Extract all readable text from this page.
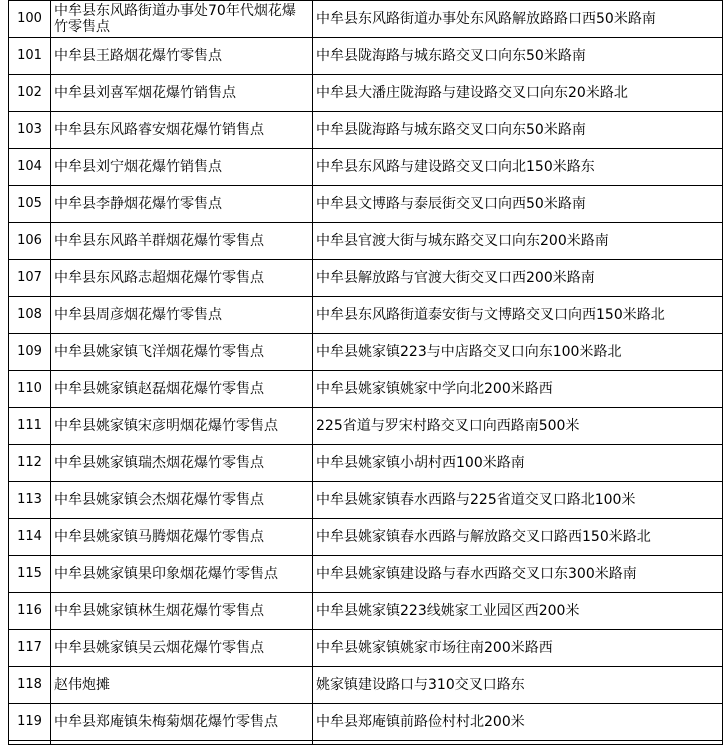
100	中牟县东风路街道办事处70年代烟花爆竹零售点	中牟县东风路街道办事处东风路解放路路口西50米路南
101	中牟县王路烟花爆竹零售点	中牟县陇海路与城东路交叉口向东50米路南
102	中牟县刘喜军烟花爆竹销售点	中牟县大潘庄陇海路与建设路交叉口向东20米路北
103	中牟县东风路睿安烟花爆竹销售点	中牟县陇海路与城东路交叉口向东50米路南
104	中牟县刘宁烟花爆竹销售点	中牟县东风路与建设路交叉口向北150米路东
105	中牟县李静烟花爆竹零售点	中牟县文博路与泰辰街交叉口向西50米路南
106	中牟县东风路羊群烟花爆竹零售点	中牟县官渡大街与城东路交叉口向东200米路南
107	中牟县东风路志超烟花爆竹零售点	中牟县解放路与官渡大街交叉口西200米路南
108	中牟县周彦烟花爆竹零售点	中牟县东风路街道泰安街与文博路交叉口向西150米路北
109	中牟县姚家镇飞洋烟花爆竹零售点	中牟县姚家镇223与中店路交叉口向东100米路北
110	中牟县姚家镇赵磊烟花爆竹零售点	中牟县姚家镇姚家中学向北200米路西
111	中牟县姚家镇宋彦明烟花爆竹零售点	225省道与罗宋村路交叉口向西路南500米
112	中牟县姚家镇瑞杰烟花爆竹零售点	中牟县姚家镇小胡村西100米路南
113	中牟县姚家镇会杰烟花爆竹零售点	中牟县姚家镇春水西路与225省道交叉口路北100米
114	中牟县姚家镇马腾烟花爆竹零售点	中牟县姚家镇春水西路与解放路交叉口路西150米路北
115	中牟县姚家镇果印象烟花爆竹零售点	中牟县姚家镇建设路与春水西路交叉口东300米路南
116	中牟县姚家镇林生烟花爆竹零售点	中牟县姚家镇223线姚家工业园区西200米
117	中牟县姚家镇吴云烟花爆竹零售点	中牟县姚家镇姚家市场往南200米路西
118	赵伟炮摊	姚家镇建设路口与310交叉口路东
119	中牟县郑庵镇朱梅菊烟花爆竹零售点	中牟县郑庵镇前路俭村村北200米
